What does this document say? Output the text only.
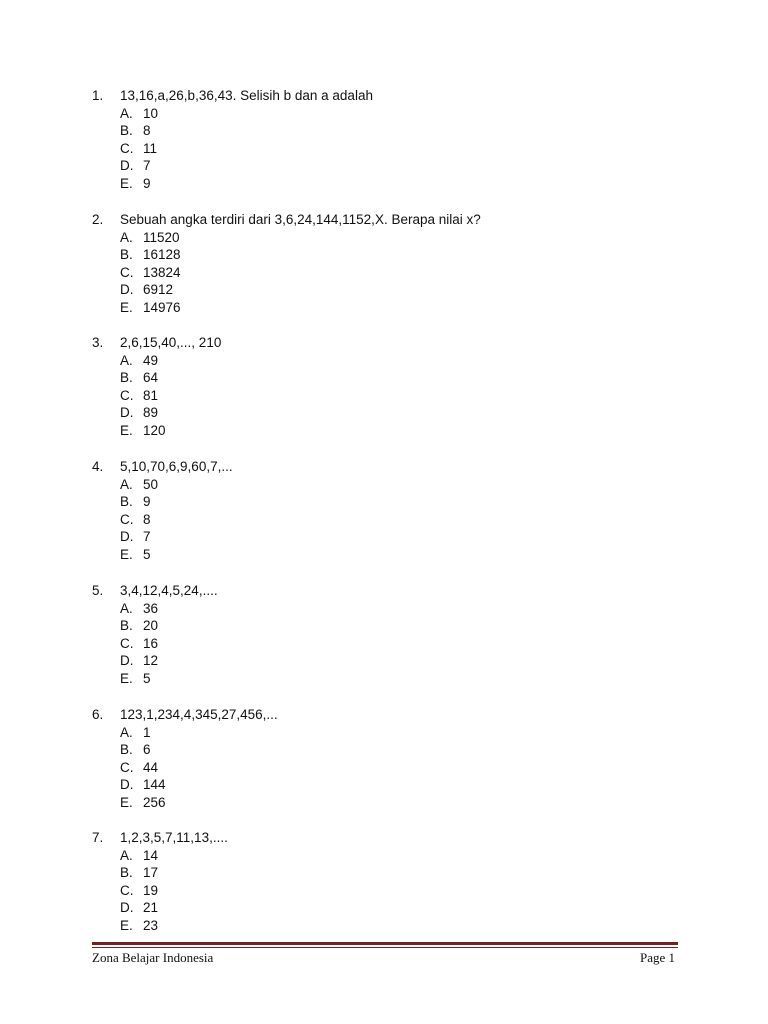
1.	13,16,a,26,b,36,43. Selisih b dan a adalah
A. 10
B. 8
C. 11
D. 7
E. 9
2.	Sebuah angka terdiri dari 3,6,24,144,1152,X. Berapa nilai x?
A. 11520
B. 16128
C. 13824
D. 6912
E. 14976
3.	2,6,15,40,..., 210
A. 49
B. 64
C. 81
D. 89
E. 120
4.	5,10,70,6,9,60,7,...
A. 50
B. 9
C. 8
D. 7
E. 5
5.	3,4,12,4,5,24,....
A. 36
B. 20
C. 16
D. 12
E. 5
6.	123,1,234,4,345,27,456,...
A. 1
B. 6
C. 44
D. 144
E. 256
7.	1,2,3,5,7,11,13,....
A. 14
B. 17
C. 19
D. 21
E. 23
Zona Belajar Indonesia	Page 1
